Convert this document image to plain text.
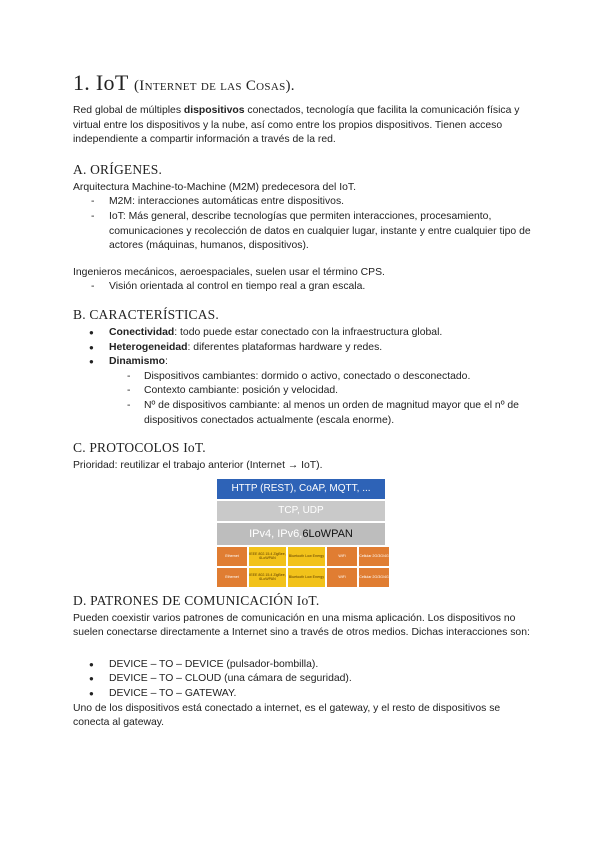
1. IoT (Internet de las Cosas).

Red global de múltiples dispositivos conectados, tecnología que facilita la comunicación física y virtual entre los dispositivos y la nube, así como entre los propios dispositivos. Tienen acceso independiente a compartir información a través de la red.

A. ORÍGENES.

Arquitectura Machine-to-Machine (M2M) predecesora del IoT.

- M2M: interacciones automáticas entre dispositivos.
- IoT: Más general, describe tecnologías que permiten interacciones, procesamiento, comunicaciones y recolección de datos en cualquier lugar, instante y entre cualquier tipo de actores (máquinas, humanos, dispositivos).

Ingenieros mecánicos, aeroespaciales, suelen usar el término CPS.

- Visión orientada al control en tiempo real a gran escala.
B. CARACTERÍSTICAS.
● Conectividad: todo puede estar conectado con la infraestructura global.
● Heterogeneidad: diferentes plataformas hardware y redes.
● Dinamismo:
- Dispositivos cambiantes: dormido o activo, conectado o desconectado.
- Contexto cambiante: posición y velocidad.
- Nº de dispositivos cambiante: al menos un orden de magnitud mayor que el nº de dispositivos conectados actualmente (escala enorme).
C. PROTOCOLOS IoT.

Prioridad: reutilizar el trabajo anterior (Internet → IoT).

HTTP (REST), CoAP, MQTT, ...
TCP, UDP
IPv4, IPv6, 6LoWPAN
Ethernet	IEEE 802.15.4 ZigBee, 6LoWPAN	Bluetooth Low Energy	WiFi	Cellular 2G/3G/4G
Ethernet	IEEE 802.15.4 ZigBee, 6LoWPAN	Bluetooth Low Energy	WiFi	Cellular 2G/3G/4G
D. PATRONES DE COMUNICACIÓN IoT.

Pueden coexistir varios patrones de comunicación en una misma aplicación. Los dispositivos no suelen conectarse directamente a Internet sino a través de otros medios. Dichas interacciones son:

● DEVICE – TO – DEVICE (pulsador-bombilla).
● DEVICE – TO – CLOUD (una cámara de seguridad).
● DEVICE – TO – GATEWAY.

Uno de los dispositivos está conectado a internet, es el gateway, y el resto de dispositivos se conecta al gateway.
